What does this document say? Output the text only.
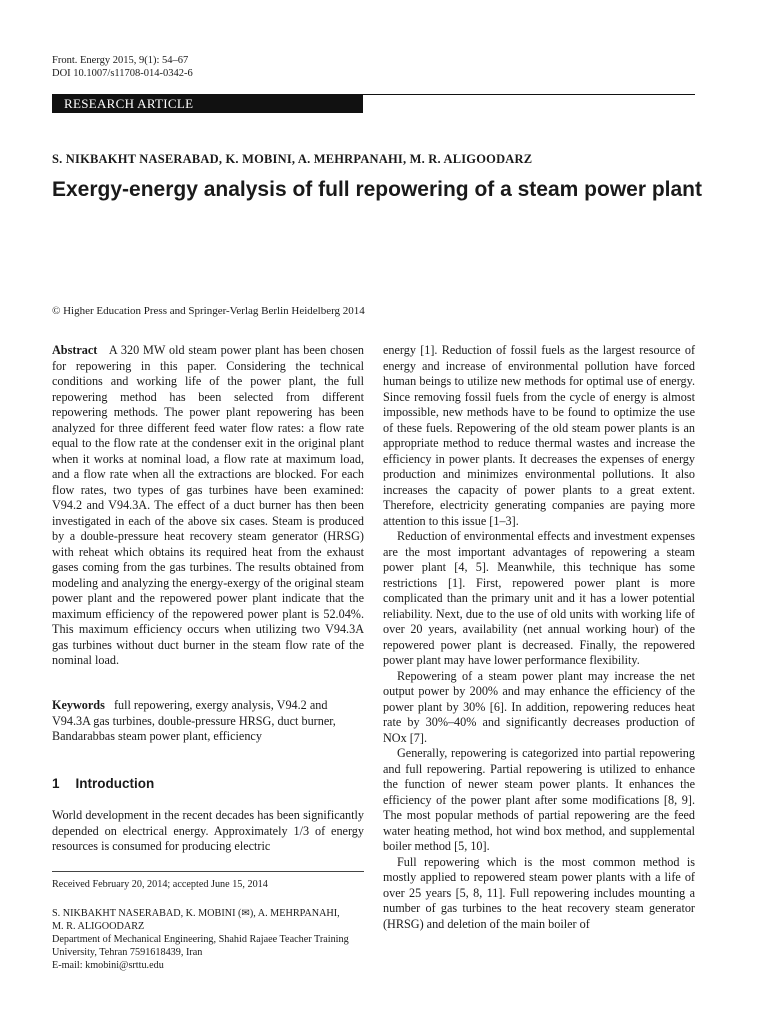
Front. Energy 2015, 9(1): 54–67
DOI 10.1007/s11708-014-0342-6
RESEARCH ARTICLE
S. NIKBAKHT NASERABAD, K. MOBINI, A. MEHRPANAHI, M. R. ALIGOODARZ
Exergy-energy analysis of full repowering of a steam power plant
© Higher Education Press and Springer-Verlag Berlin Heidelberg 2014

Abstract A 320 MW old steam power plant has been chosen for repowering in this paper. Considering the technical conditions and working life of the power plant, the full repowering method has been selected from different repowering methods. The power plant repowering has been analyzed for three different feed water flow rates: a flow rate equal to the flow rate at the condenser exit in the original plant when it works at nominal load, a flow rate at maximum load, and a flow rate when all the extractions are blocked. For each flow rates, two types of gas turbines have been examined: V94.2 and V94.3A. The effect of a duct burner has then been investigated in each of the above six cases. Steam is produced by a double-pressure heat recovery steam generator (HRSG) with reheat which obtains its required heat from the exhaust gases coming from the gas turbines. The results obtained from modeling and analyzing the energy-exergy of the original steam power plant and the repowered power plant indicate that the maximum efficiency of the repowered power plant is 52.04%. This maximum efficiency occurs when utilizing two V94.3A gas turbines without duct burner in the steam flow rate of the nominal load.

Keywords full repowering, exergy analysis, V94.2 and V94.3A gas turbines, double-pressure HRSG, duct burner, Bandarabbas steam power plant, efficiency
1 Introduction
World development in the recent decades has been significantly depended on electrical energy. Approximately 1/3 of energy resources is consumed for producing electric
Received February 20, 2014; accepted June 15, 2014
S. NIKBAKHT NASERABAD, K. MOBINI (✉), A. MEHRPANAHI,
M. R. ALIGOODARZ
Department of Mechanical Engineering, Shahid Rajaee Teacher Training University, Tehran 7591618439, Iran
E-mail: kmobini@srttu.edu

energy [1]. Reduction of fossil fuels as the largest resource of energy and increase of environmental pollution have forced human beings to utilize new methods for optimal use of energy. Since removing fossil fuels from the cycle of energy is almost impossible, new methods have to be found to optimize the use of these fuels. Repowering of the old steam power plants is an appropriate method to reduce thermal wastes and increase the efficiency in power plants. It decreases the expenses of energy production and minimizes environmental pollutions. It also increases the capacity of power plants to a great extent. Therefore, electricity generating companies are paying more attention to this issue [1–3].

Reduction of environmental effects and investment expenses are the most important advantages of repowering a steam power plant [4, 5]. Meanwhile, this technique has some restrictions [1]. First, repowered power plant is more complicated than the primary unit and it has a lower potential reliability. Next, due to the use of old units with working life of over 20 years, availability (net annual working hour) of the repowered power plant is decreased. Finally, the repowered power plant may have lower performance flexibility.

Repowering of a steam power plant may increase the net output power by 200% and may enhance the efficiency of the power plant by 30% [6]. In addition, repowering reduces heat rate by 30%–40% and significantly decreases production of NOx [7].

Generally, repowering is categorized into partial repowering and full repowering. Partial repowering is utilized to enhance the function of newer steam power plants. It enhances the efficiency of the power plant after some modifications [8, 9]. The most popular methods of partial repowering are the feed water heating method, hot wind box method, and supplemental boiler method [5, 10].

Full repowering which is the most common method is mostly applied to repowered steam power plants with a life of over 25 years [5, 8, 11]. Full repowering includes mounting a number of gas turbines to the heat recovery steam generator (HRSG) and deletion of the main boiler of
